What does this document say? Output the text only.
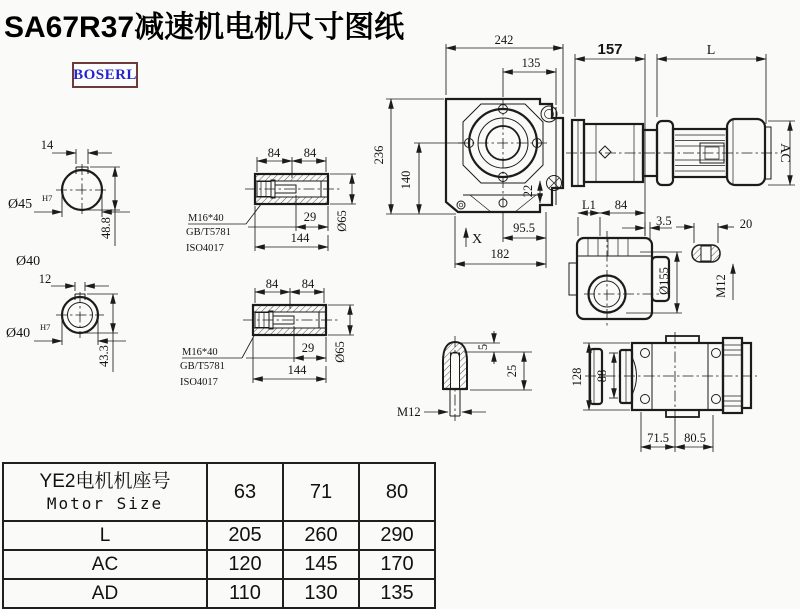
SA67R37减速机电机尺寸图纸
BOSERL
14
48.8
Ø45 H7
Ø40
12
Ø40 H7
43.3
84 84
29
144
Ø65
M16*40
GB/T5781
ISO4017
84 84
29
144
Ø65
M16*40
GB/T5781
ISO4017
242
135
236
140
22
95.5
182
X
157	L
AC
L1 84
3.5
Ø155
20
M12
M12
5
25	128 88
71.5 80.5
YE2电机机座号
Motor Size	63	71	80
L	205	260	290
AC	120	145	170
AD	110	130	135
